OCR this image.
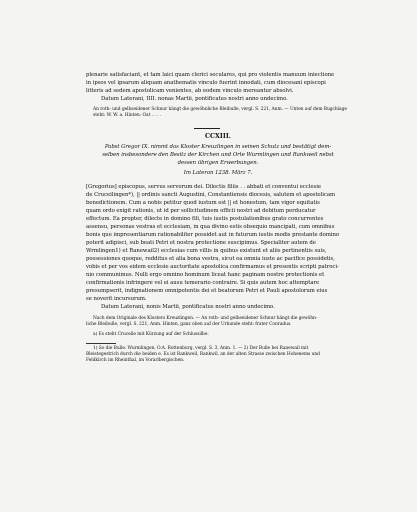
plenarie satisfaciant, et tam laici quam clerici seculares, qui pro violentis manuum iniectione

in ipsos vel ipsarum aliquam anathematis vinculo fuerint innodati, cum diocesani episcopi

litteris ad sedem apostolicam venientes, ab eodem vinculo mereantur absolvi.

Datum Laterani, IIII. nonas Martii, pontificatus nostri anno undecimo.

An roth- und gelbseidener Schnur hängt die gewöhnliche Bleibulle, vergl. S. 221, Anm. — Unten auf dem Bugchlage steht: W. W. a. Hinten: Oat . . . .

CCXIII.

Pabst Gregor IX. nimmt das Kloster Kreuzlingen in seinen Schutz und bestätigt dem-

selben insbesondere den Besitz der Kirchen und Orte Wurmlingen und Rankweil nebst

dessen übrigen Erwerbungen.

Im Lateran 1238. März 7.

[Gregorius] episcopus, servus servorum dei. Dilectis filiis . . abbati et conventui ecclesie

de Cruceilingen*), || ordinis sancti Augustini, Constantiensis diocesis, salutem et apostolicam

benedictionem. Cum a nobis petitur quod iustum est || et honestum, tam vigor equitatis

quam ordo exigit rationis, ut id per sollicitudinem officii nostri ad debitum perducatur

effectum. Ea propter, dilecte in domino fili, tuis iustis postulationibus grato concurrentes

assensu, personas vestras et ecclesiam, in qua divino estis obsequio mancipati, cum omnibus

bonis que impresentiarum rationabiliter possidet aut in futurum iustis modis prestante domino

poterit adipisci, sub beati Petri et nostra protectione suscipimus. Specialiter autem de

Wrmlingen1) et Ranewail2) ecclesias cum villis in quibus existunt et aliis pertinentiis suis,

possessiones quoque, redditus et alia bona vestra, sicut ea omnia iuste ac pacifice possidetis,

vobis et per vos eidem ecclesie auctoritate apostolica confirmamus et presentis scripti patroci-

nio communimus. Nulli ergo omnino hominum liceat hanc paginam nostre protectionis et

confirmationis infringere vel ei ausu temerario contraire. Si quis autem hoc attemptare

presumpserit, indignationem omnipotentis dei et beatorum Petri et Pauli apostolorum eius

se noverit incursurum.

Datum Laterani, nonis Martii, pontificatus nostri anno undecimo.

Nach dem Originale des Klosters Kreuzlingen. — An roth- und gelbseidener Schnur hängt die gewöhn-

liche Bleibulle, vergl. S. 221, Anm. Hinten, ganz oben auf der Urkunde steht: frater Conradus.

a) Es steht Cruceile mit Kürzung auf der Schlussilbe.

1) So die Bulle. Wurmlingen, O.A. Rottenburg, vergl. S. 3, Anm. 1. — 2) Der Bulle bei Ranewail mit

Bleistegestrich durch die beiden e. Es ist Rankweil, Rankwil, an der alten Strasse zwischen Hohenems und

Feldkirch im Rheinthal, im Vorarlbergischen.
